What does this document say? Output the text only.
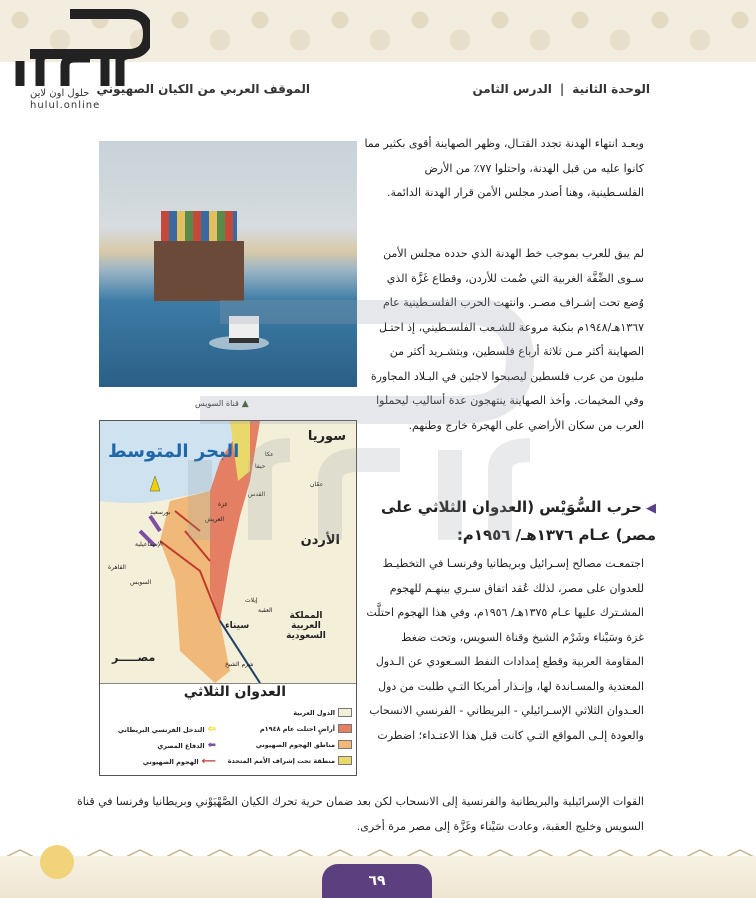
حلول اون لاين
hulul.online
الوحدة الثانية|الدرس الثامن
الموقف العربي من الكيان الصهيوني
▲قناة السويس
البحر المتوسط
سوريا
الأردن
المملكة العربية السعودية
مصـــــر
سيناء
عكا
حيفا
عمّان
القدس
غزة
العريش
بورسعيد
الإسماعيلية
القاهرة
السويس
شرم الشيخ
إيلات
العقبة
العدوان الثلاثي
الدول العربية
أراضٍ احتلت عام ١٩٤٨م
مناطق الهجوم الصهيوني
منطقة تحت إشراف الأمم المتحدة
⇦
التدخل الفرنسي البريطاني
⬅
الدفاع المصري
⟵
الهجوم الصهيوني

وبعـد انتهاء الهدنة تجدد القتـال، وظهر الصهاينة أقوى بكثير مما كانوا عليه من قبل الهدنة، واحتلوا ٧٧٪ من الأرض الفلسـطينية، وهنا أصدر مجلس الأمن قرار الهدنة الدائمة.

لم يبق للعرب بموجب خط الهدنة الذي حدده مجلس الأمن سـوى الضِّفَّة الغربية التي ضُمت للأردن، وقطاع غَزَّة الذي وُضع تحت إشـراف مصـر. وانتهت الحرب الفلسـطينية عام ١٣٦٧هـ/١٩٤٨م بنكبة مروعة للشـعب الفلسـطيني، إذ احتـل الصهاينة أكثر مـن ثلاثة أرباع فلسطين، وبتشـريد أكثر من مليون من عرب فلسطين ليصبحوا لاجئين في البـلاد المجاورة وفي المخيمات. وأخذ الصهاينة ينتهجون عدة أساليب ليحملوا العرب من سكان الأراضي على الهجرة خارج وطنهم.

◀حرب السُّوَيْس (العدوان الثلاثي على مصر) عـام ١٣٧٦هـ/ ١٩٥٦م:

اجتمعـت مصالح إسـرائيل وبريطانيا وفرنسـا في التخطيـط للعدوان على مصر، لذلك عُقد اتفاق سـري بينهـم للهجوم المشـترك عليها عـام ١٣٧٥هـ/ ١٩٥٦م، وفي هذا الهجوم احتلَّت غزة وسَيْناء وشَرْم الشيخ وقناة السويس، وتحت ضغط المقاومة العربية وقطع إمدادات النفط السـعودي عن الـدول المعتدية والمسـاندة لها، وإنـذار أمريكا التـي طلبت من دول العـدوان الثلاثي الإسـرائيلي - البريطاني - الفرنسي الانسحاب والعودة إلـى المواقع التـي كانت قبل هذا الاعتـداء؛ اضطرت

القوات الإسرائيلية والبريطانية والفرنسية إلى الانسحاب لكن بعد ضمان حرية تحرك الكيان الصَّهْيَوْني وبريطانيا وفرنسا في قناة السويس وخليج العقبة، وعادت سَيْناء وغَزَّة إلى مصر مرة أخرى.

٦٩
